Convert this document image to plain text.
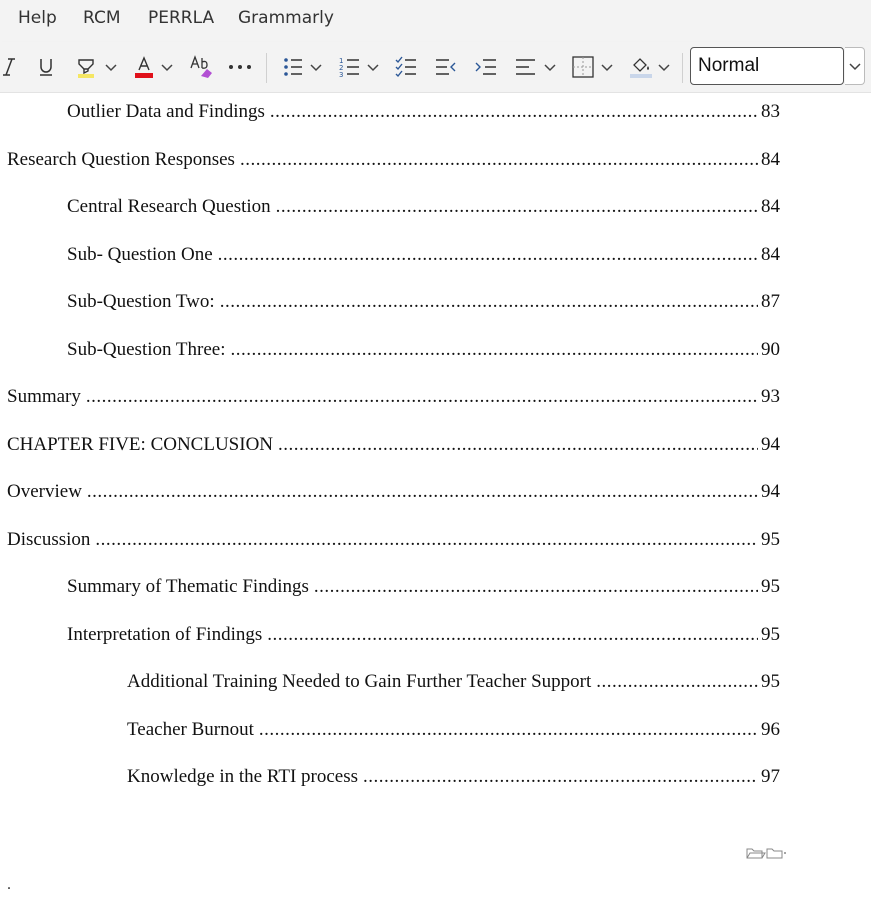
Help RCM PERRLA Grammarly
1
2
3	Normal
Outlier Data and Findings .....	83
Research Question Responses .....	84
Central Research Question .....	84
Sub- Question One .....	84
Sub-Question Two: .....	87
Sub-Question Three: .....	90
Summary .....	93
CHAPTER FIVE: CONCLUSION .....	94
Overview .....	94
Discussion .....	95
Summary of Thematic Findings .....	95
Interpretation of Findings .....	95
Additional Training Needed to Gain Further Teacher Support .....	95
Teacher Burnout .....	96
Knowledge in the RTI process .....	97
.
